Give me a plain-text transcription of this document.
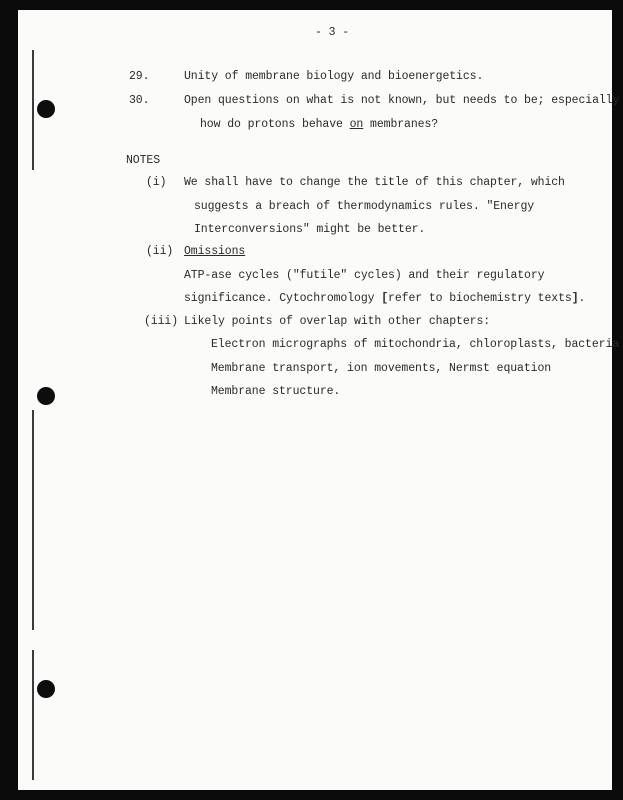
- 3 -
29.	Unity of membrane biology and bioenergetics.
30.	Open questions on what is not known, but needs to be; especially
how do protons behave on membranes?
NOTES
(i) We shall have to change the title of this chapter, which
suggests a breach of thermodynamics rules. "Energy
Interconversions" might be better.
(ii) Omissions
ATP-ase cycles ("futile" cycles) and their regulatory
significance. Cytochromology [refer to biochemistry texts].
(iii) Likely points of overlap with other chapters:
Electron micrographs of mitochondria, chloroplasts, bacteria
Membrane transport, ion movements, Nermst equation
Membrane structure.
